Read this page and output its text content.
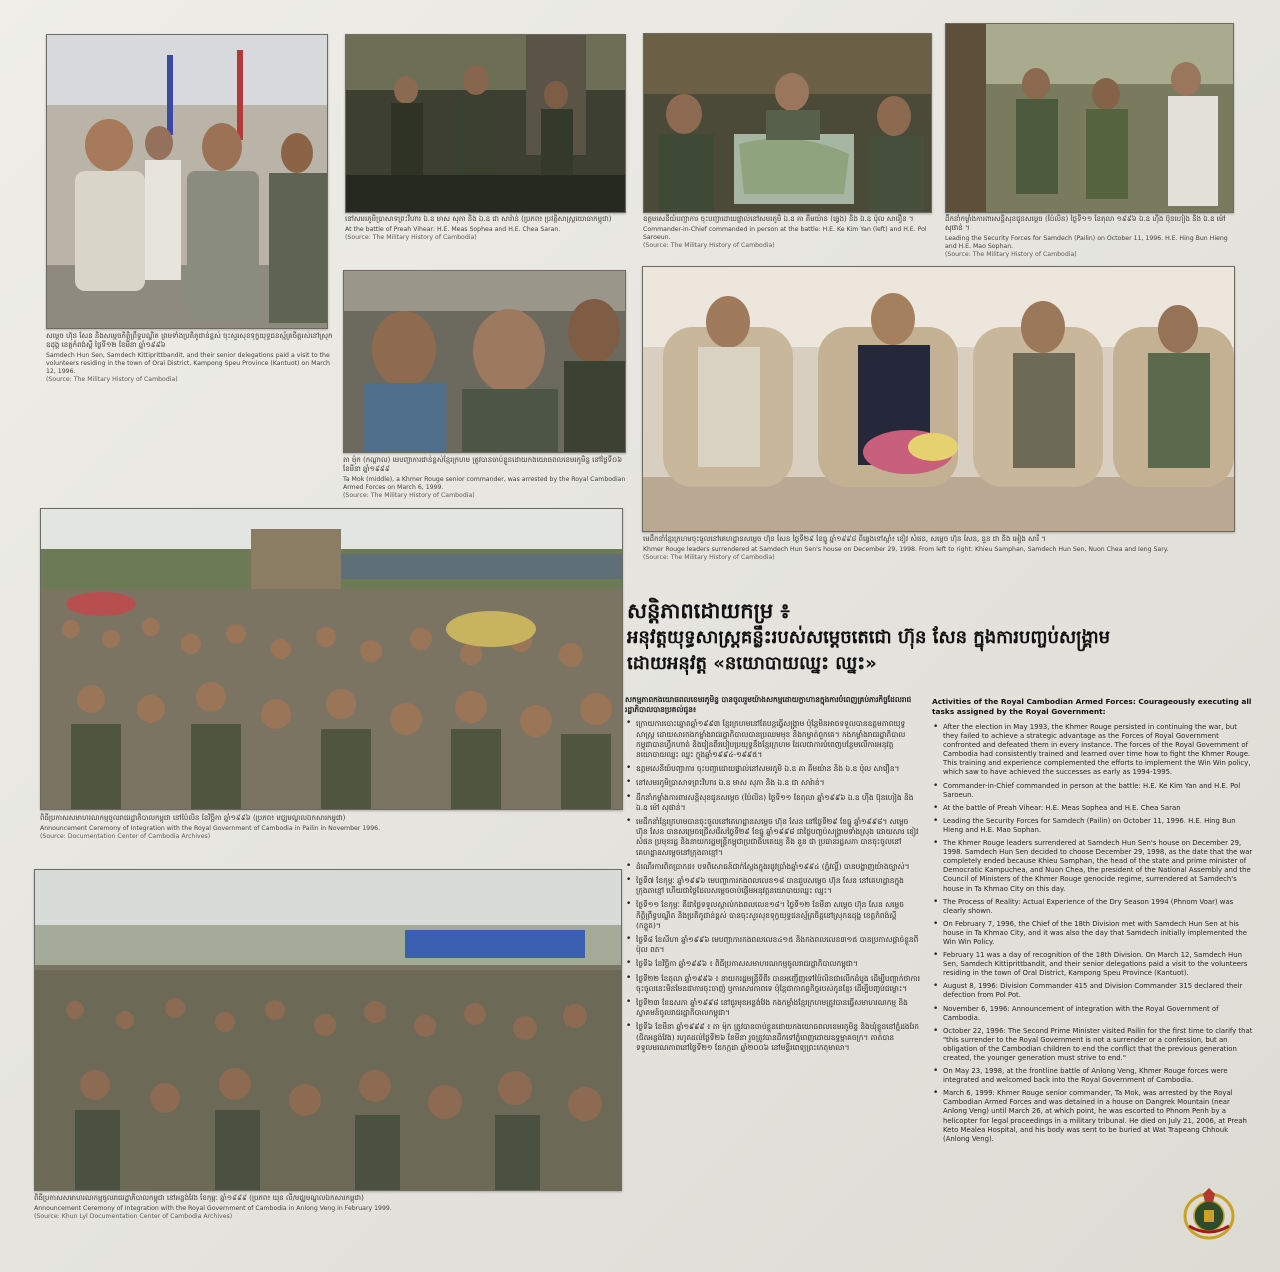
សម្តេច ហ៊ុន សែន និងសម្តេចកិត្តិព្រឹទ្ធបណ្ឌិត ព្រមទាំងប្រតិភូជាន់ខ្ពស់ ចុះសួរសុខទុក្ខយុទ្ធជនស្ម័គ្រចិត្តរស់នៅស្រុកឧដុង្គ ខេត្តកំពង់ស្ពឺ ថ្ងៃទី១២ ខែមីនា ឆ្នាំ១៩៩៦
Samdech Hun Sen, Samdech Kittiprittbandit, and their senior delegations paid a visit to the volunteers residing in the town of Oral District, Kampong Speu Province (Kantuot) on March 12, 1996.
(Source: The Military History of Cambodia)
នៅសមរភូមិប្រាសាទព្រះវិហារ ឯ.ឧ មាស សុភា និង ឯ.ឧ ជា សារ៉ាន់ (ប្រភព៖ ប្រវត្តិសាស្ត្រយោធាកម្ពុជា)
At the battle of Preah Vihear: H.E. Meas Sophea and H.E. Chea Saran.
(Source: The Military History of Cambodia)
ឧត្តមសេនីយ៍បញ្ជាការ ចុះបញ្ជាដោយផ្ទាល់នៅសមរភូមិ ឯ.ឧ គា គីមយ៉ាន (ឆ្វេង) និង ឯ.ឧ ប៉ុល សារឿន ។
Commander-in-Chief commanded in person at the battle: H.E. Ke Kim Yan (left) and H.E. Pol Saroeun.
(Source: The Military History of Cambodia)
ដឹកនាំកម្លាំងការពារសន្តិសុខជូនសម្តេច (ប៉ៃលិន) ថ្ងៃទី១១ ខែតុលា ១៩៩៦ ឯ.ឧ ហ៊ីង ប៊ុនហៀង និង ឯ.ឧ ម៉ៅ សុផាន់ ។
Leading the Security Forces for Samdech (Pailin) on October 11, 1996. H.E. Hing Bun Hieng and H.E. Mao Sophan.
(Source: The Military History of Cambodia)
តា ម៉ុក (កណ្តាល) មេបញ្ជាការជាន់ខ្ពស់ខ្មែរក្រហម ត្រូវបានចាប់ខ្លួនដោយកងយោធពលខេមរភូមិន្ទ នៅថ្ងៃទី០៦ ខែមីនា ឆ្នាំ១៩៩៩
Ta Mok (middle), a Khmer Rouge senior commander, was arrested by the Royal Cambodian Armed Forces on March 6, 1999.
(Source: The Military History of Cambodia)
មេដឹកនាំខ្មែរក្រហមចុះចូលនៅគេហដ្ឋានសម្តេច ហ៊ុន សែន ថ្ងៃទី២៩ ខែធ្នូ ឆ្នាំ១៩៩៨ ពីឆ្វេងទៅស្តាំ៖ ខៀវ សំផន, សម្តេច ហ៊ុន សែន, នួន ជា និង អៀង សារី ។
Khmer Rouge leaders surrendered at Samdech Hun Sen's house on December 29, 1998. From left to right: Khieu Samphan, Samdech Hun Sen, Nuon Chea and Ieng Sary.
(Source: The Military History of Cambodia)
ពិធីប្រកាសសមាហរណកម្មចូលរាជរដ្ឋាភិបាលកម្ពុជា នៅប៉ៃលិន ខែវិច្ឆិកា ឆ្នាំ១៩៩៦ (ប្រភព៖ មជ្ឈមណ្ឌលឯកសារកម្ពុជា)
Announcement Ceremony of Integration with the Royal Government of Cambodia in Pailin in November 1996.
(Source: Documentation Center of Cambodia Archives)
ពិធីប្រកាសសមាហរណកម្មចូលរាជរដ្ឋាភិបាលកម្ពុជា នៅអន្លង់វែង ខែកុម្ភៈ ឆ្នាំ១៩៩៩ (ប្រភព៖ ឃុន លី/មជ្ឈមណ្ឌលឯកសារកម្ពុជា)
Announcement Ceremony of Integration with the Royal Government of Cambodia in Anlong Veng in February 1999.
(Source: Khun Lyl Documentation Center of Cambodia Archives)
សន្តិភាពដោយកម្រ ៖
អនុវត្តយុទ្ធសាស្ត្រគន្លឹះរបស់សម្តេចតេជោ ហ៊ុន សែន ក្នុងការបញ្ចប់សង្គ្រាម
ដោយអនុវត្ត «នយោបាយឈ្នះ ឈ្នះ»
សកម្មភាពកងយោធពលខេមរភូមិន្ទ បានចូលរួមយ៉ាងសកម្មដោយក្លាហានក្នុងការបំពេញគ្រប់ភារកិច្ចដែលរាជរដ្ឋាភិបាលបានប្រគល់ជូន៖
• ក្រោយការបោះឆ្នោតឆ្នាំ១៩៩៣ ខ្មែរក្រហមនៅតែបន្តធ្វើសង្គ្រាម ប៉ុន្តែមិនអាចទទួលបានឧត្តមភាពយុទ្ធសាស្ត្រ ដោយសារកងកម្លាំងរាជរដ្ឋាភិបាលបានប្រឈមមុខ និងកម្ចាត់ពួកគេ។ កងកម្លាំងរាជរដ្ឋាភិបាលកម្ពុជាបានហ្វឹកហាត់ និងរៀនពីរបៀបប្រយុទ្ធនឹងខ្មែរក្រហម ដែលជាការបំពេញបន្ថែមលើការអនុវត្តនយោបាយឈ្នះ ឈ្នះ ក្នុងឆ្នាំ១៩៩៤-១៩៩៥។
• ឧត្តមសេនីយ៍បញ្ជាការ ចុះបញ្ជាដោយផ្ទាល់នៅសមរភូមិ ឯ.ឧ គា គីមយ៉ាន និង ឯ.ឧ ប៉ុល សារឿន។
• នៅសមរភូមិប្រាសាទព្រះវិហារ ឯ.ឧ មាស សុភា និង ឯ.ឧ ជា សារ៉ាន់។
• ដឹកនាំកម្លាំងការពារសន្តិសុខជូនសម្តេច (ប៉ៃលិន) ថ្ងៃទី១១ ខែតុលា ឆ្នាំ១៩៩៦ ឯ.ឧ ហ៊ីង ប៊ុនហៀង និង ឯ.ឧ ម៉ៅ សុផាន់។
• មេដឹកនាំខ្មែរក្រហមបានចុះចូលនៅគេហដ្ឋានសម្តេច ហ៊ុន សែន នៅថ្ងៃទី២៩ ខែធ្នូ ឆ្នាំ១៩៩៨។ សម្តេច ហ៊ុន សែន បានសម្រេចជ្រើសរើសថ្ងៃទី២៩ ខែធ្នូ ឆ្នាំ១៩៩៨ ជាថ្ងៃបញ្ចប់សង្គ្រាមទាំងស្រុង ដោយសារ ខៀវ សំផន ប្រមុខរដ្ឋ និងនាយករដ្ឋមន្ត្រីកម្ពុជាប្រជាធិបតេយ្យ និង នួន ជា ប្រធានរដ្ឋសភា បានចុះចូលនៅគេហដ្ឋានសម្តេចនៅក្រុងតាខ្មៅ។
• ដំណើរការពិតប្រាកដ៖ បទពិសោធន៍ជាក់ស្តែងក្នុងរដូវប្រាំងឆ្នាំ១៩៩៤ (ភ្នំវល្លិ៍) បានបង្ហាញយ៉ាងច្បាស់។
• ថ្ងៃទី៧ ខែកុម្ភៈ ឆ្នាំ១៩៩៦ មេបញ្ជាការកងពលលេខ១៨ បានជួបសម្តេច ហ៊ុន សែន នៅគេហដ្ឋានក្នុងក្រុងតាខ្មៅ ហើយជាថ្ងៃដែលសម្តេចចាប់ផ្តើមអនុវត្តនយោបាយឈ្នះ ឈ្នះ។
• ថ្ងៃទី១១ ខែកុម្ភៈ គឺជាថ្ងៃទទួលស្គាល់កងពលលេខ១៨។ ថ្ងៃទី១២ ខែមីនា សម្តេច ហ៊ុន សែន សម្តេចកិត្តិព្រឹទ្ធបណ្ឌិត និងប្រតិភូជាន់ខ្ពស់ បានចុះសួរសុខទុក្ខយុទ្ធជនស្ម័គ្រចិត្តនៅស្រុកឧដុង្គ ខេត្តកំពង់ស្ពឺ (កន្ទួត)។
• ថ្ងៃទី៨ ខែសីហា ឆ្នាំ១៩៩៦ មេបញ្ជាការកងពលលេខ៤១៥ និងកងពលលេខ៣១៥ បានប្រកាសផ្តាច់ខ្លួនពីប៉ុល ពត។
• ថ្ងៃទី៦ ខែវិច្ឆិកា ឆ្នាំ១៩៩៦ ៖ ពិធីប្រកាសសមាហរណកម្មចូលរាជរដ្ឋាភិបាលកម្ពុជា។
• ថ្ងៃទី២២ ខែតុលា ឆ្នាំ១៩៩៦ ៖ នាយករដ្ឋមន្ត្រីទីពីរ បានអញ្ជើញទៅប៉ៃលិនជាលើកដំបូង ដើម្បីបញ្ជាក់ថាការចុះចូលនេះមិនមែនជាការចុះចាញ់ ឬការសារភាពទេ ប៉ុន្តែជាកាតព្វកិច្ចរបស់កូនខ្មែរ ដើម្បីបញ្ចប់ជម្លោះ។
• ថ្ងៃទី២៣ ខែឧសភា ឆ្នាំ១៩៩៨ នៅជួរមុខអន្លង់វែង កងកម្លាំងខ្មែរក្រហមត្រូវបានធ្វើសមាហរណកម្ម និងស្វាគមន៍ចូលរាជរដ្ឋាភិបាលកម្ពុជា។
• ថ្ងៃទី៦ ខែមីនា ឆ្នាំ១៩៩៩ ៖ តា ម៉ុក ត្រូវបានចាប់ខ្លួនដោយកងយោធពលខេមរភូមិន្ទ និងឃុំខ្លួននៅភ្នំដងរែក (ជិតអន្លង់វែង) រហូតដល់ថ្ងៃទី២៦ ខែមីនា រួចត្រូវបានដឹកទៅភ្នំពេញដោយឧទ្ធម្ភាគចក្រ។ គាត់បានទទួលមរណភាពនៅថ្ងៃទី២១ ខែកក្កដា ឆ្នាំ២០០៦ នៅមន្ទីរពេទ្យព្រះកេតុមាលា។
Activities of the Royal Cambodian Armed Forces: Courageously executing all tasks assigned by the Royal Government:
• After the election in May 1993, the Khmer Rouge persisted in continuing the war, but they failed to achieve a strategic advantage as the Forces of Royal Government confronted and defeated them in every instance. The forces of the Royal Government of Cambodia had consistently trained and learned over time how to fight the Khmer Rouge. This training and experience complemented the efforts to implement the Win Win policy, which saw to have achieved the successes as early as 1994-1995.
• Commander-in-Chief commanded in person at the battle: H.E. Ke Kim Yan and H.E. Pol Saroeun.
• At the battle of Preah Vihear: H.E. Meas Sophea and H.E. Chea Saran
• Leading the Security Forces for Samdech (Pailin) on October 11, 1996. H.E. Hing Bun Hieng and H.E. Mao Sophan.
• The Khmer Rouge leaders surrendered at Samdech Hun Sen's house on December 29, 1998. Samdech Hun Sen decided to choose December 29, 1998, as the date that the war completely ended because Khieu Samphan, the head of the state and prime minister of Democratic Kampuchea, and Nuon Chea, the president of the National Assembly and the Council of Ministers of the Khmer Rouge genocide regime, surrendered at Samdech's house in Ta Khmao City on this day.
• The Process of Reality: Actual Experience of the Dry Season 1994 (Phnom Voar) was clearly shown.
• On February 7, 1996, the Chief of the 18th Division met with Samdech Hun Sen at his house in Ta Khmao City, and it was also the day that Samdech initially implemented the Win Win Policy.
• February 11 was a day of recognition of the 18th Division. On March 12, Samdech Hun Sen, Samdech Kittiprittbandit, and their senior delegations paid a visit to the volunteers residing in the town of Oral District, Kampong Speu Province (Kantuot).
• August 8, 1996: Division Commander 415 and Division Commander 315 declared their defection from Pol Pot.
• November 6, 1996: Announcement of integration with the Royal Government of Cambodia.
• October 22, 1996: The Second Prime Minister visited Pailin for the first time to clarify that "this surrender to the Royal Government is not a surrender or a confession, but an obligation of the Cambodian children to end the conflict that the previous generation created, the younger generation must strive to end."
• On May 23, 1998, at the frontline battle of Anlong Veng, Khmer Rouge forces were integrated and welcomed back into the Royal Government of Cambodia.
• March 6, 1999: Khmer Rouge senior commander, Ta Mok, was arrested by the Royal Cambodian Armed Forces and was detained in a house on Dangrek Mountain (near Anlong Veng) until March 26, at which point, he was escorted to Phnom Penh by a helicopter for legal proceedings in a military tribunal. He died on July 21, 2006, at Preah Keto Mealea Hospital, and his body was sent to be buried at Wat Trapeang Chhouk (Anlong Veng).
